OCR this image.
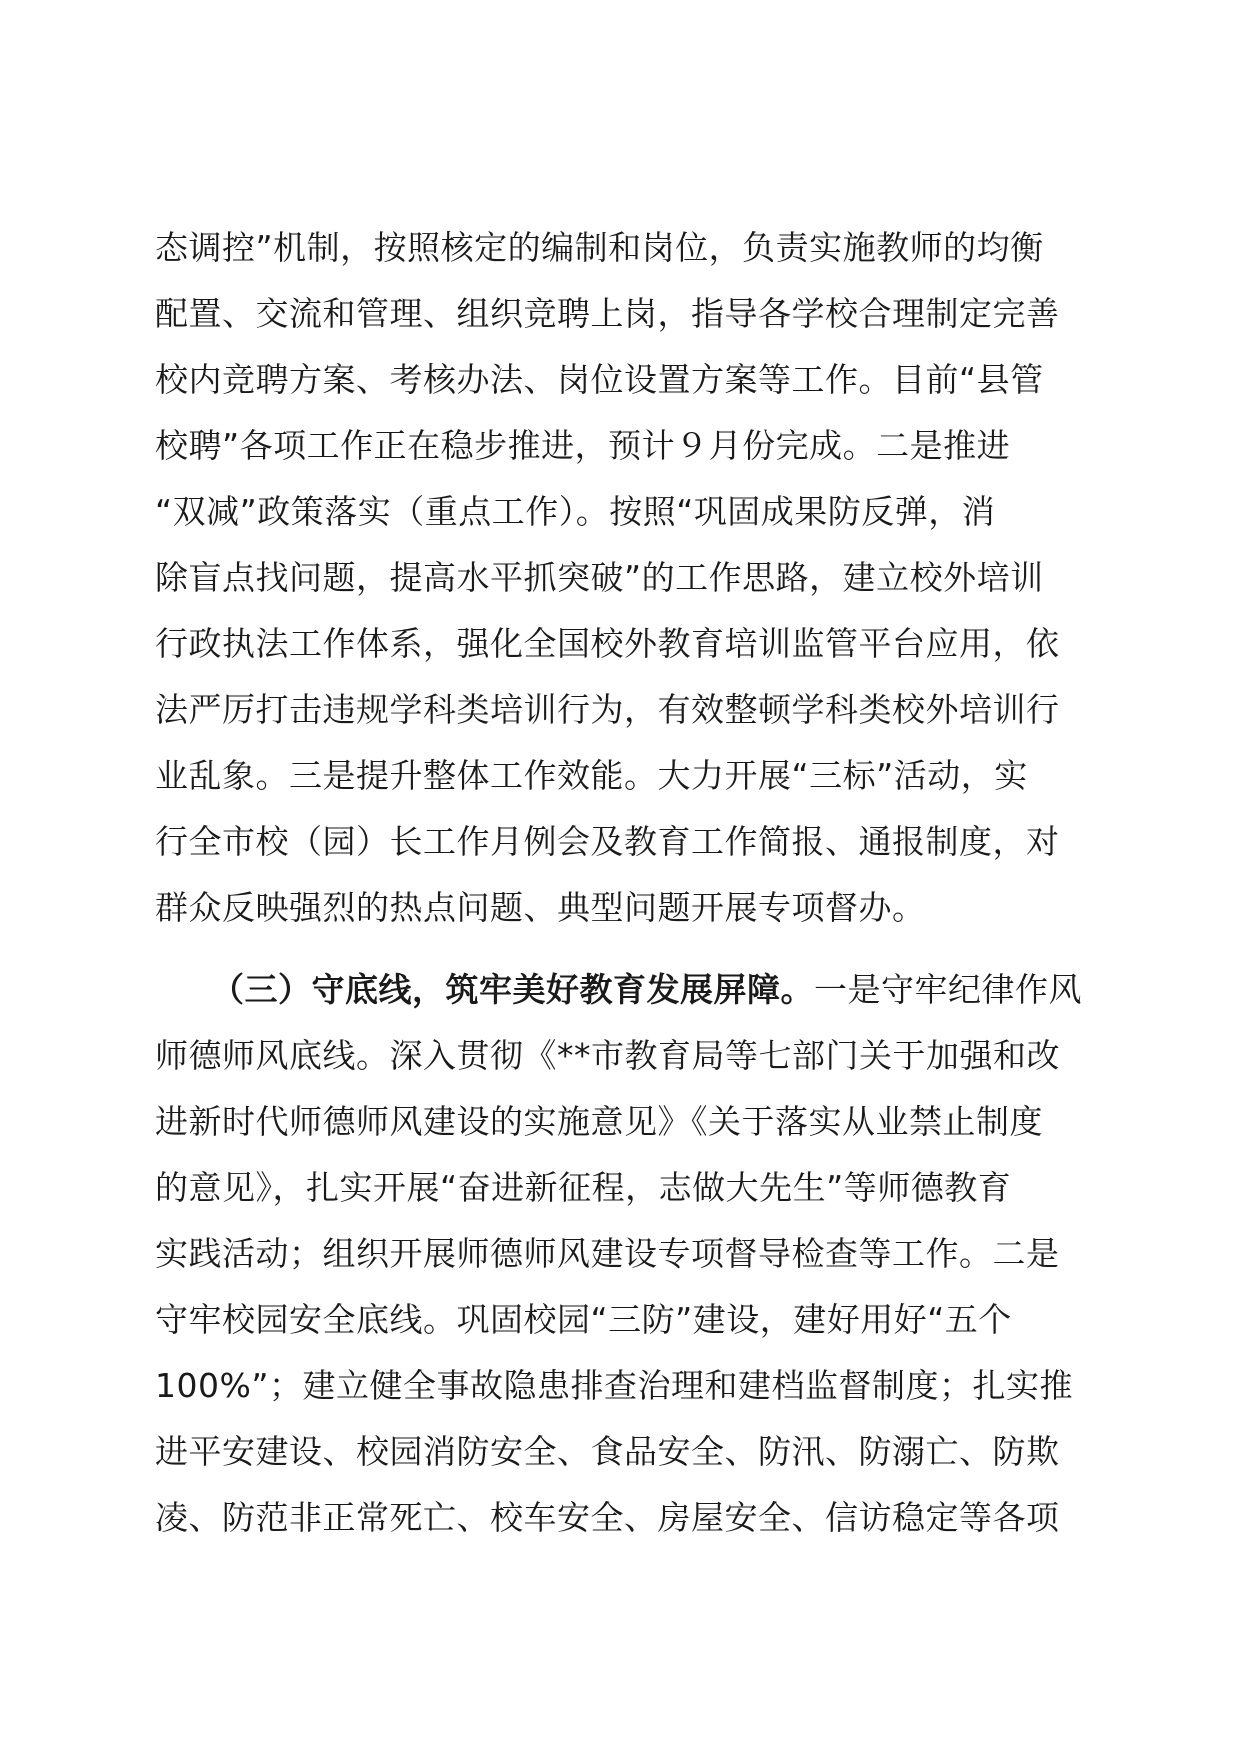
态调控”机制，按照核定的编制和岗位，负责实施教师的均衡
配置、交流和管理、组织竞聘上岗，指导各学校合理制定完善
校内竞聘方案、考核办法、岗位设置方案等工作。目前“县管
校聘”各项工作正在稳步推进，预计９月份完成。二是推进
“双减”政策落实（重点工作）。按照“巩固成果防反弹，消
除盲点找问题，提高水平抓突破”的工作思路，建立校外培训
行政执法工作体系，强化全国校外教育培训监管平台应用，依
法严厉打击违规学科类培训行为，有效整顿学科类校外培训行
业乱象。三是提升整体工作效能。大力开展“三标”活动，实
行全市校（园）长工作月例会及教育工作简报、通报制度，对
群众反映强烈的热点问题、典型问题开展专项督办。
（三）守底线，筑牢美好教育发展屏障。一是守牢纪律作风
师德师风底线。深入贯彻《**市教育局等七部门关于加强和改
进新时代师德师风建设的实施意见》《关于落实从业禁止制度
的意见》，扎实开展“奋进新征程，志做大先生”等师德教育
实践活动；组织开展师德师风建设专项督导检查等工作。二是
守牢校园安全底线。巩固校园“三防”建设，建好用好“五个
100%”；建立健全事故隐患排查治理和建档监督制度；扎实推
进平安建设、校园消防安全、食品安全、防汛、防溺亡、防欺
凌、防范非正常死亡、校车安全、房屋安全、信访稳定等各项
